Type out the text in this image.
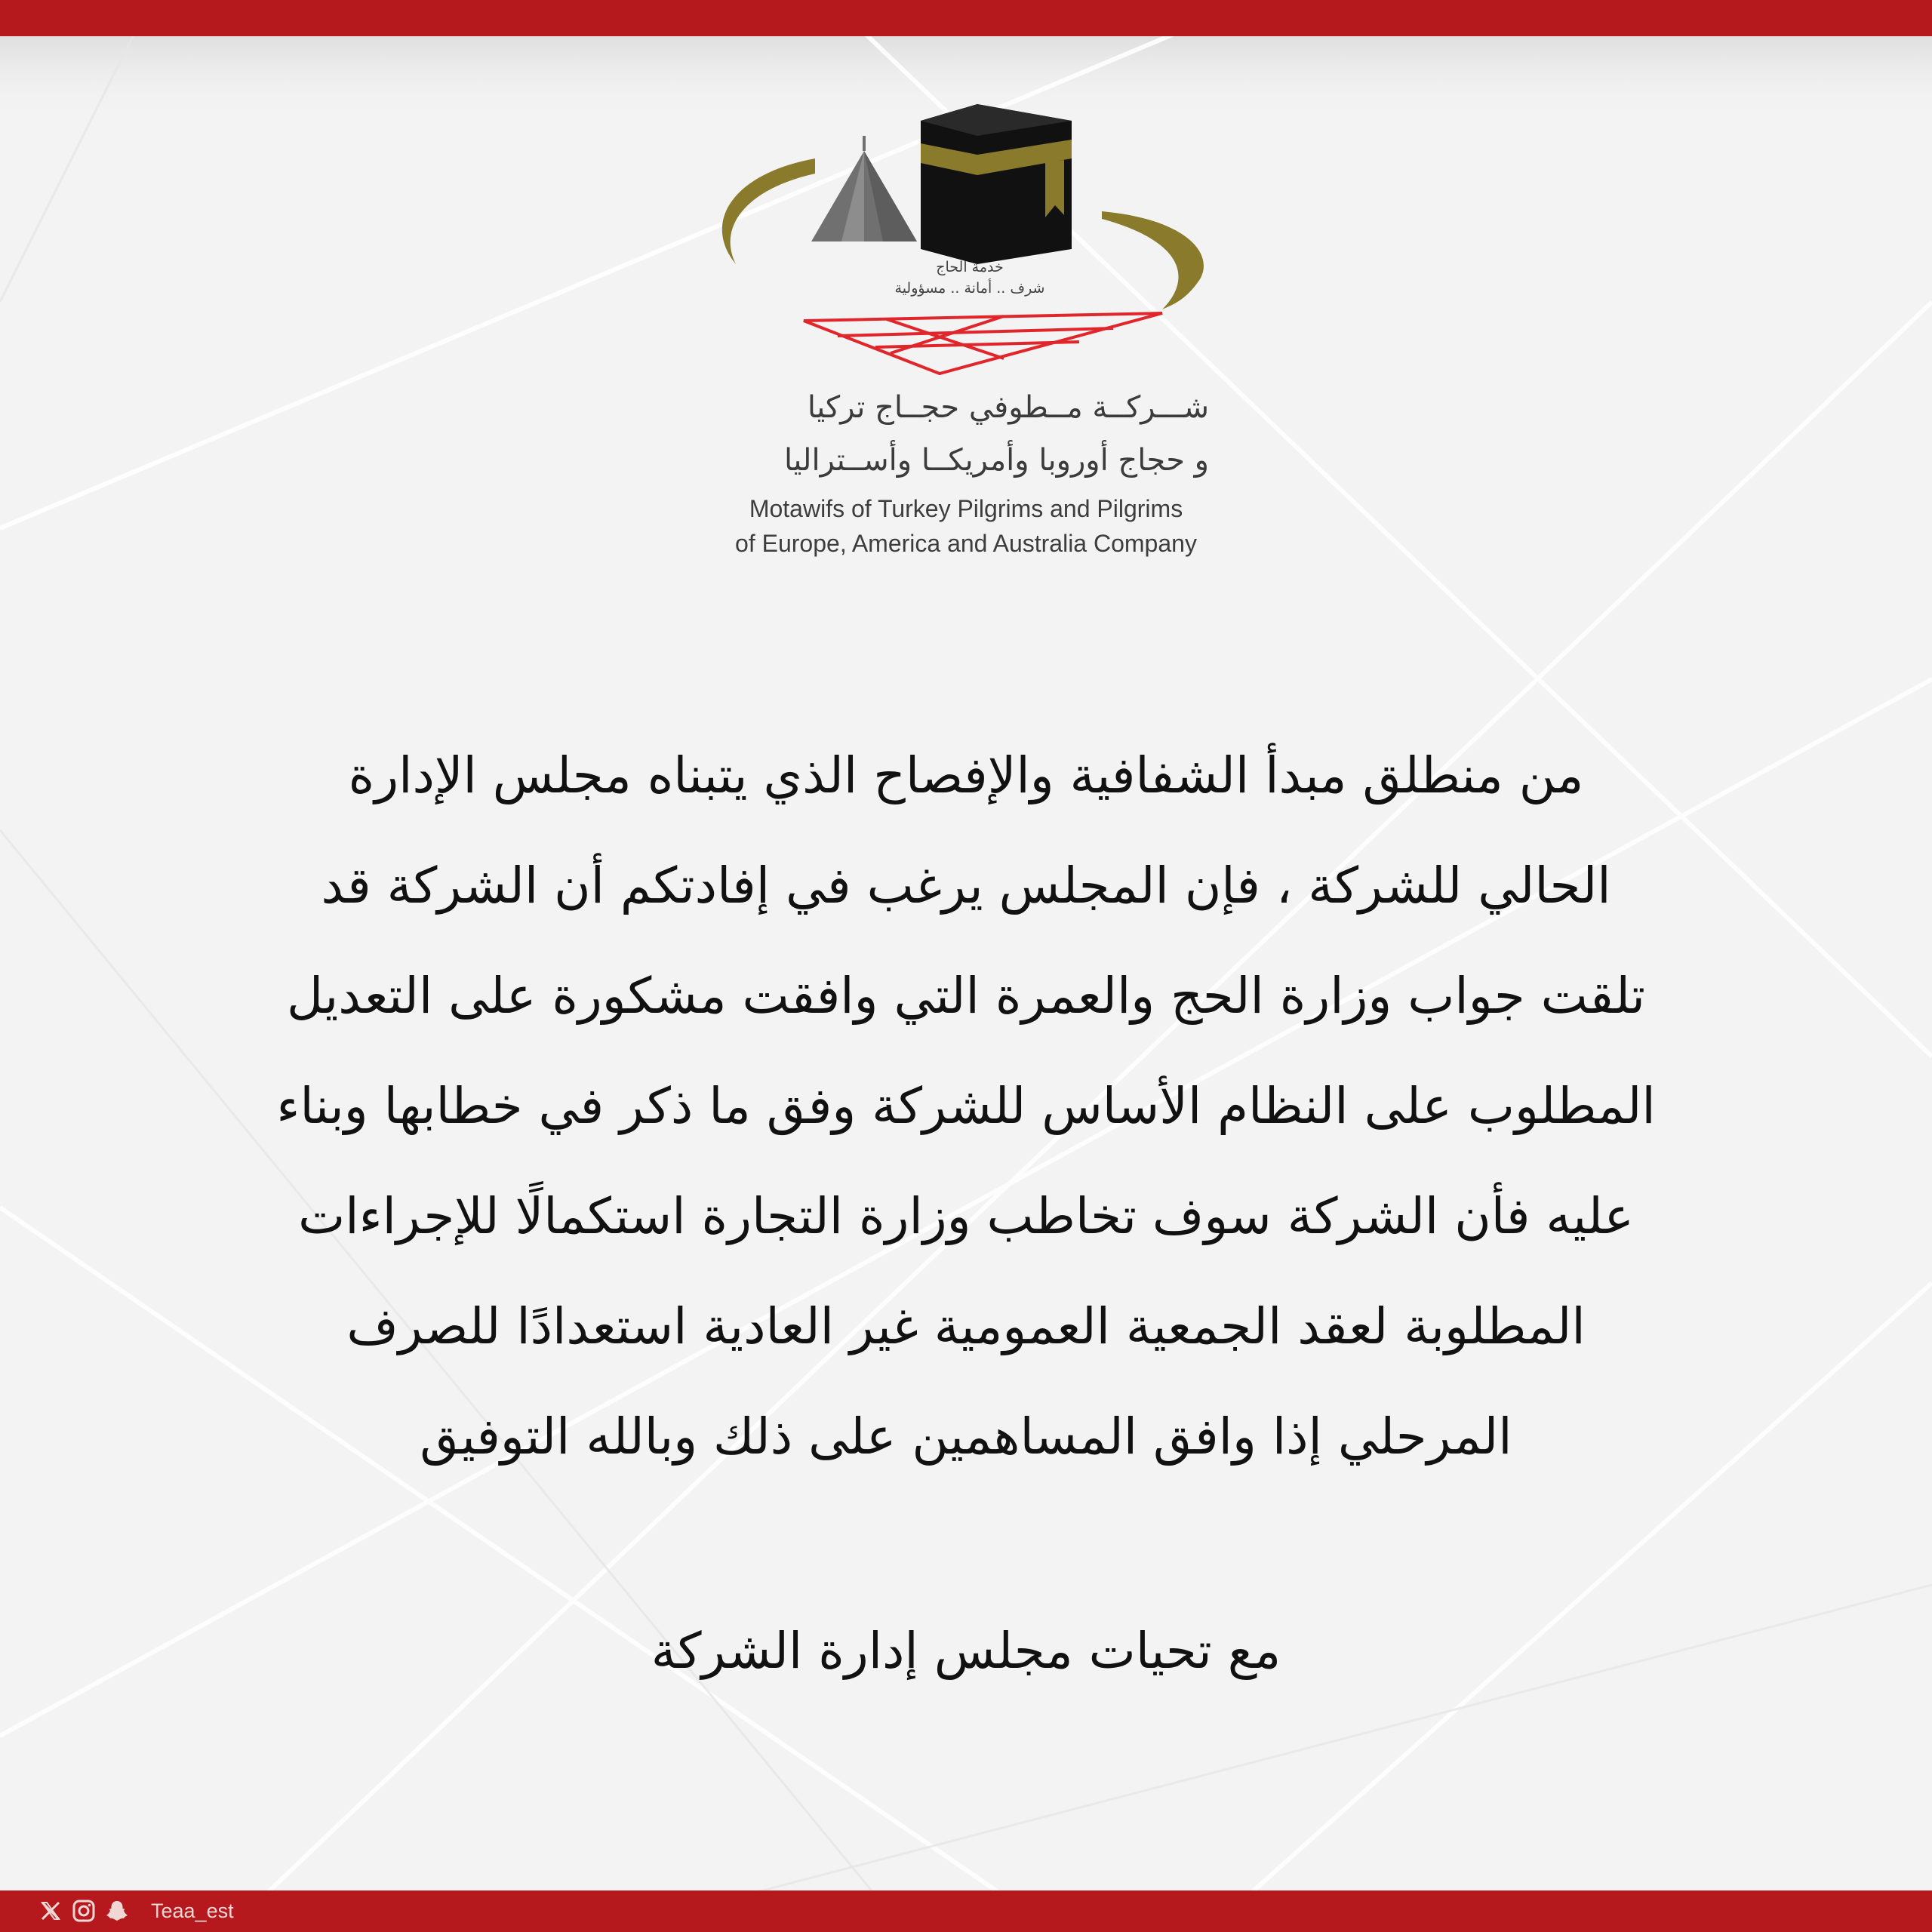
خدمة الحاج
شرف .. أمانة .. مسؤولية

شـــركــة مــطوفي حجــاج تركيا

و حجاج أوروبا وأمريكــا وأســتراليا

Motawifs of Turkey Pilgrims and Pilgrims

of Europe, America and Australia Company

من منطلق مبدأ الشفافية والإفصاح الذي يتبناه مجلس الإدارة
الحالي للشركة ، فإن المجلس يرغب في إفادتكم أن الشركة قد
تلقت جواب وزارة الحج والعمرة التي وافقت مشكورة على التعديل
المطلوب على النظام الأساس للشركة وفق ما ذكر في خطابها وبناء
عليه فأن الشركة سوف تخاطب وزارة التجارة استكمالًا للإجراءات
المطلوبة لعقد الجمعية العمومية غير العادية استعدادًا للصرف
المرحلي إذا وافق المساهمين على ذلك وبالله التوفيق
مع تحيات مجلس إدارة الشركة
Teaa_est
